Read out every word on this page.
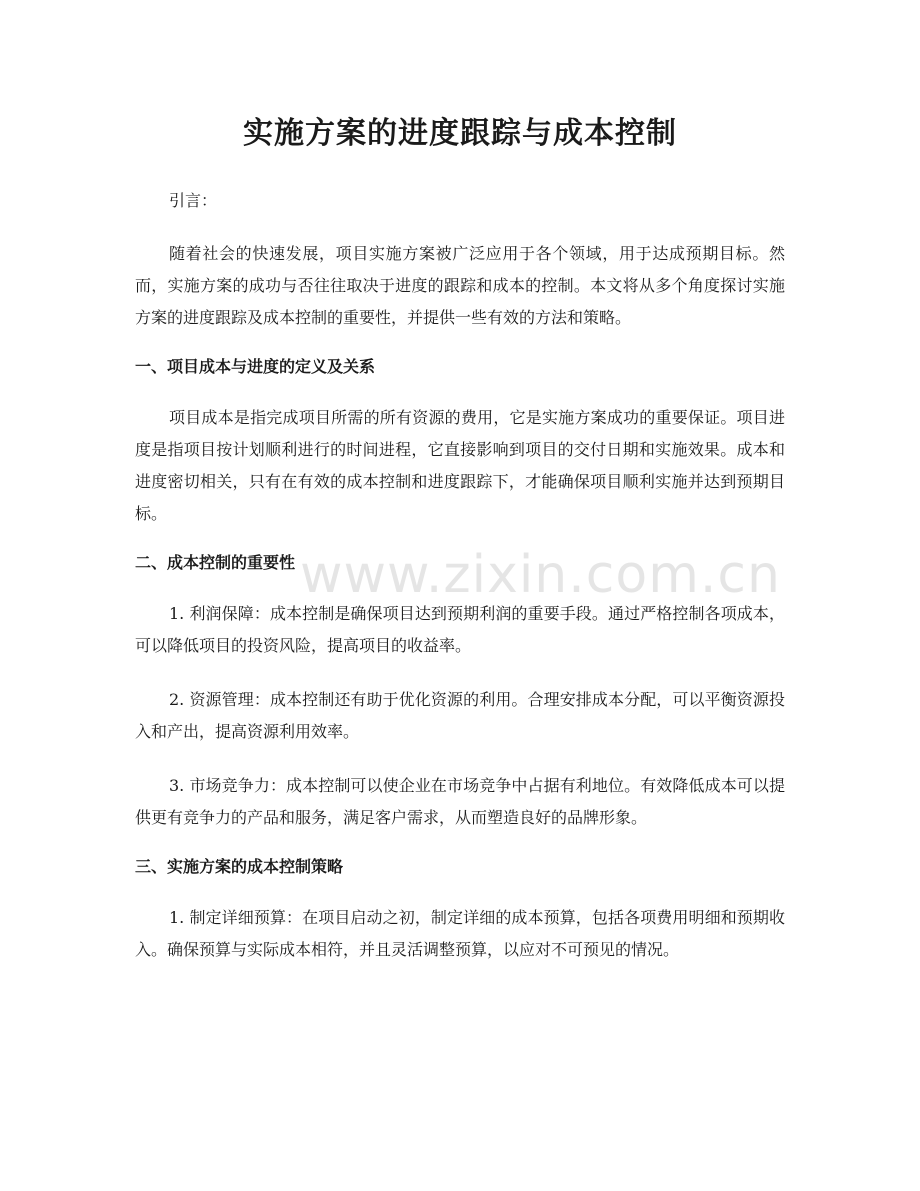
实施方案的进度跟踪与成本控制

引言：

随着社会的快速发展，项目实施方案被广泛应用于各个领域，用于达成预期目标。然而，实施方案的成功与否往往取决于进度的跟踪和成本的控制。本文将从多个角度探讨实施方案的进度跟踪及成本控制的重要性，并提供一些有效的方法和策略。

一、项目成本与进度的定义及关系

项目成本是指完成项目所需的所有资源的费用，它是实施方案成功的重要保证。项目进度是指项目按计划顺利进行的时间进程，它直接影响到项目的交付日期和实施效果。成本和进度密切相关，只有在有效的成本控制和进度跟踪下，才能确保项目顺利实施并达到预期目标。

二、成本控制的重要性

1. 利润保障：成本控制是确保项目达到预期利润的重要手段。通过严格控制各项成本，可以降低项目的投资风险，提高项目的收益率。

2. 资源管理：成本控制还有助于优化资源的利用。合理安排成本分配，可以平衡资源投入和产出，提高资源利用效率。

3. 市场竞争力：成本控制可以使企业在市场竞争中占据有利地位。有效降低成本可以提供更有竞争力的产品和服务，满足客户需求，从而塑造良好的品牌形象。

三、实施方案的成本控制策略

1. 制定详细预算：在项目启动之初，制定详细的成本预算，包括各项费用明细和预期收入。确保预算与实际成本相符，并且灵活调整预算，以应对不可预见的情况。

www.zixin.com.cn
